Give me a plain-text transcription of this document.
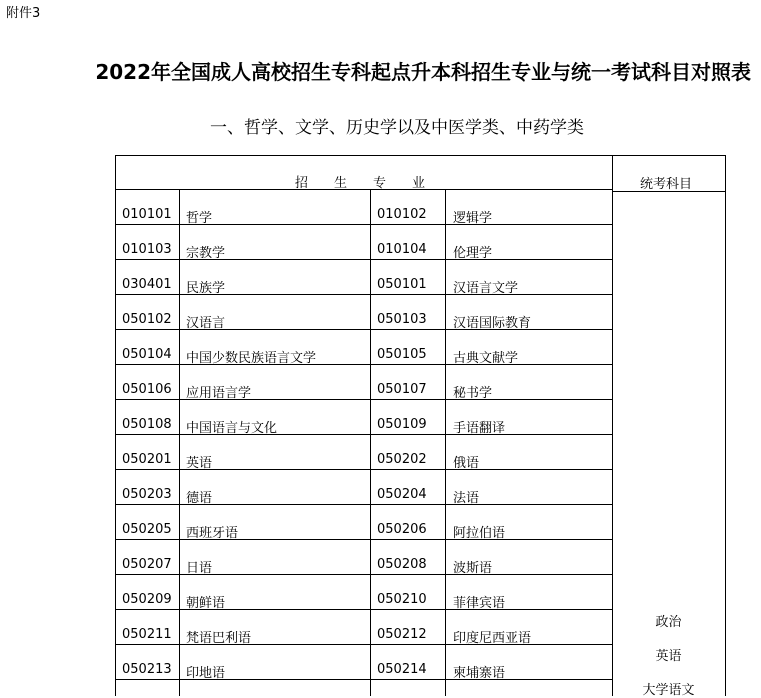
附件3
2022年全国成人高校招生专科起点升本科招生专业与统一考试科目对照表
一、哲学、文学、历史学以及中医学类、中药学类
招　　生　　专　　业	统考科目
010101 哲学	010102 逻辑学
010103 宗教学	010104 伦理学
030401 民族学	050101 汉语言文学
050102 汉语言	050103 汉语国际教育
050104 中国少数民族语言文学	050105 古典文献学
050106 应用语言学	050107 秘书学
050108 中国语言与文化	050109 手语翻译
050201 英语	050202 俄语
050203 德语	050204 法语
050205 西班牙语	050206 阿拉伯语
050207 日语	050208 波斯语
050209 朝鲜语	050210 菲律宾语
050211 梵语巴利语	050212 印度尼西亚语
050213 印地语	050214 柬埔寨语
政治
英语
大学语文
